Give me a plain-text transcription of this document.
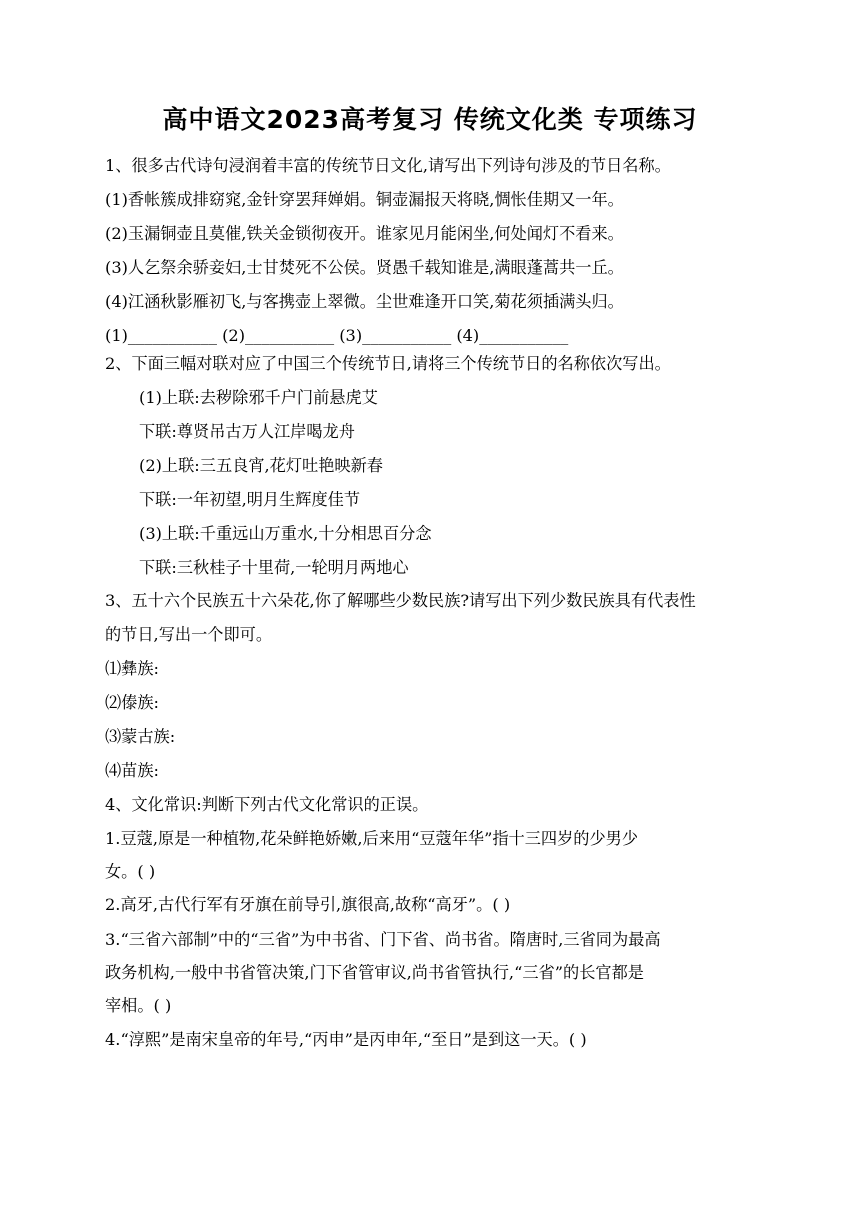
高中语文2023高考复习 传统文化类 专项练习
1、很多古代诗句浸润着丰富的传统节日文化,请写出下列诗句涉及的节日名称。
(1)香帐簇成排窈窕,金针穿罢拜婵娟。铜壶漏报天将晓,惆怅佳期又一年。
(2)玉漏铜壶且莫催,铁关金锁彻夜开。谁家见月能闲坐,何处闻灯不看来。
(3)人乞祭余骄妾妇,士甘焚死不公侯。贤愚千载知谁是,满眼蓬蒿共一丘。
(4)江涵秋影雁初飞,与客携壶上翠微。尘世难逢开口笑,菊花须插满头归。
(1)___________ (2)___________ (3)___________ (4)___________
2、下面三幅对联对应了中国三个传统节日,请将三个传统节日的名称依次写出。
(1)上联:去秽除邪千户门前悬虎艾
下联:尊贤吊古万人江岸喝龙舟
(2)上联:三五良宵,花灯吐艳映新春
下联:一年初望,明月生辉度佳节
(3)上联:千重远山万重水,十分相思百分念
下联:三秋桂子十里荷,一轮明月两地心
3、五十六个民族五十六朵花,你了解哪些少数民族?请写出下列少数民族具有代表性
的节日,写出一个即可。
⑴彝族:
⑵傣族:
⑶蒙古族:
⑷苗族:
4、文化常识:判断下列古代文化常识的正误。
1.豆蔻,原是一种植物,花朵鲜艳娇嫩,后来用“豆蔻年华”指十三四岁的少男少
女。( )
2.高牙,古代行军有牙旗在前导引,旗很高,故称“高牙”。( )
3.“三省六部制”中的“三省”为中书省、门下省、尚书省。隋唐时,三省同为最高
政务机构,一般中书省管决策,门下省管审议,尚书省管执行,“三省”的长官都是
宰相。( )
4.“淳熙”是南宋皇帝的年号,“丙申”是丙申年,“至日”是到这一天。( )
